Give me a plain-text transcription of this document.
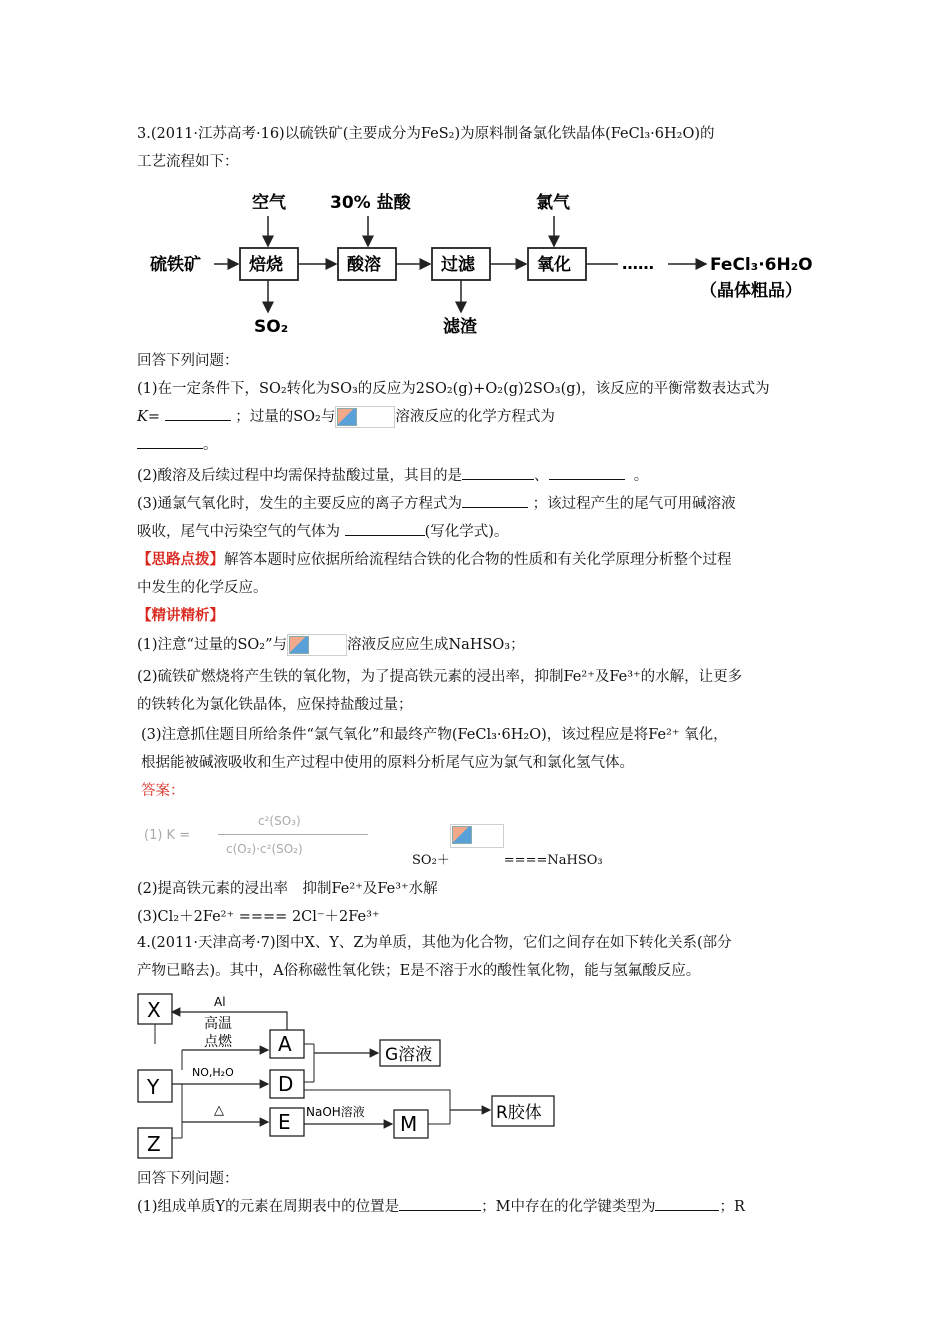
3.(2011·江苏高考·16)以硫铁矿(主要成分为FeS₂)为原料制备氯化铁晶体(FeCl₃·6H₂O)的
工艺流程如下：
空气	30% 盐酸	氯气
硫铁矿	焙烧	酸溶	过滤	氧化	……	FeCl₃·6H₂O
（晶体粗品）
SO₂	滤渣
回答下列问题：
(1)在一定条件下，SO₂转化为SO₃的反应为2SO₂(g)+O₂(g)2SO₃(g)，该反应的平衡常数表达式为
K=	；过量的SO₂与	溶液反应的化学方程式为
。
(2)酸溶及后续过程中均需保持盐酸过量，其目的是	、	。
(3)通氯气氧化时，发生的主要反应的离子方程式为	；该过程产生的尾气可用碱溶液
吸收，尾气中污染空气的气体为	(写化学式)。
【思路点拨】解答本题时应依据所给流程结合铁的化合物的性质和有关化学原理分析整个过程
中发生的化学反应。
【精讲精析】
(1)注意“过量的SO₂”与	溶液反应应生成NaHSO₃；
(2)硫铁矿燃烧将产生铁的氧化物，为了提高铁元素的浸出率，抑制Fe²⁺及Fe³⁺的水解，让更多
的铁转化为氯化铁晶体，应保持盐酸过量；
(3)注意抓住题目所给条件“氯气氧化”和最终产物(FeCl₃·6H₂O)，该过程应是将Fe²⁺ 氧化，
根据能被碱液吸收和生产过程中使用的原料分析尾气应为氯气和氯化氢气体。
答案：
(1) K =
c²(SO₃)
c(O₂)·c²(SO₂)
SO₂＋	====NaHSO₃
(2)提高铁元素的浸出率　抑制Fe²⁺及Fe³⁺水解
(3)Cl₂＋2Fe²⁺ ==== 2Cl⁻＋2Fe³⁺
4.(2011·天津高考·7)图中X、Y、Z为单质，其他为化合物，它们之间存在如下转化关系(部分
产物已略去)。其中，A俗称磁性氧化铁；E是不溶于水的酸性氧化物，能与氢氟酸反应。
X
Y
Z
A
D
E	M
G溶液
R胶体
Al
高温
点燃
NO,H₂O
△	NaOH溶液
回答下列问题：
(1)组成单质Y的元素在周期表中的位置是	；M中存在的化学键类型为	；R
